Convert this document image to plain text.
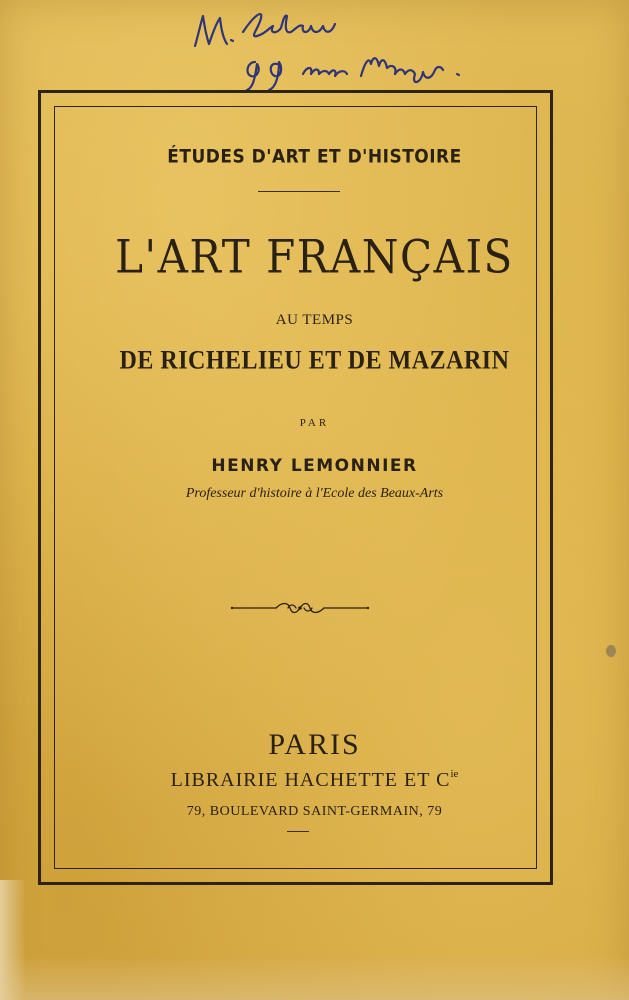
ÉTUDES D'ART ET D'HISTOIRE
L'ART FRANÇAIS
AU TEMPS
DE RICHELIEU ET DE MAZARIN
PAR
HENRY LEMONNIER
Professeur d'histoire à l'Ecole des Beaux-Arts
PARIS
LIBRAIRIE HACHETTE ET $C^{ie}$
79, BOULEVARD SAINT-GERMAIN, 79
